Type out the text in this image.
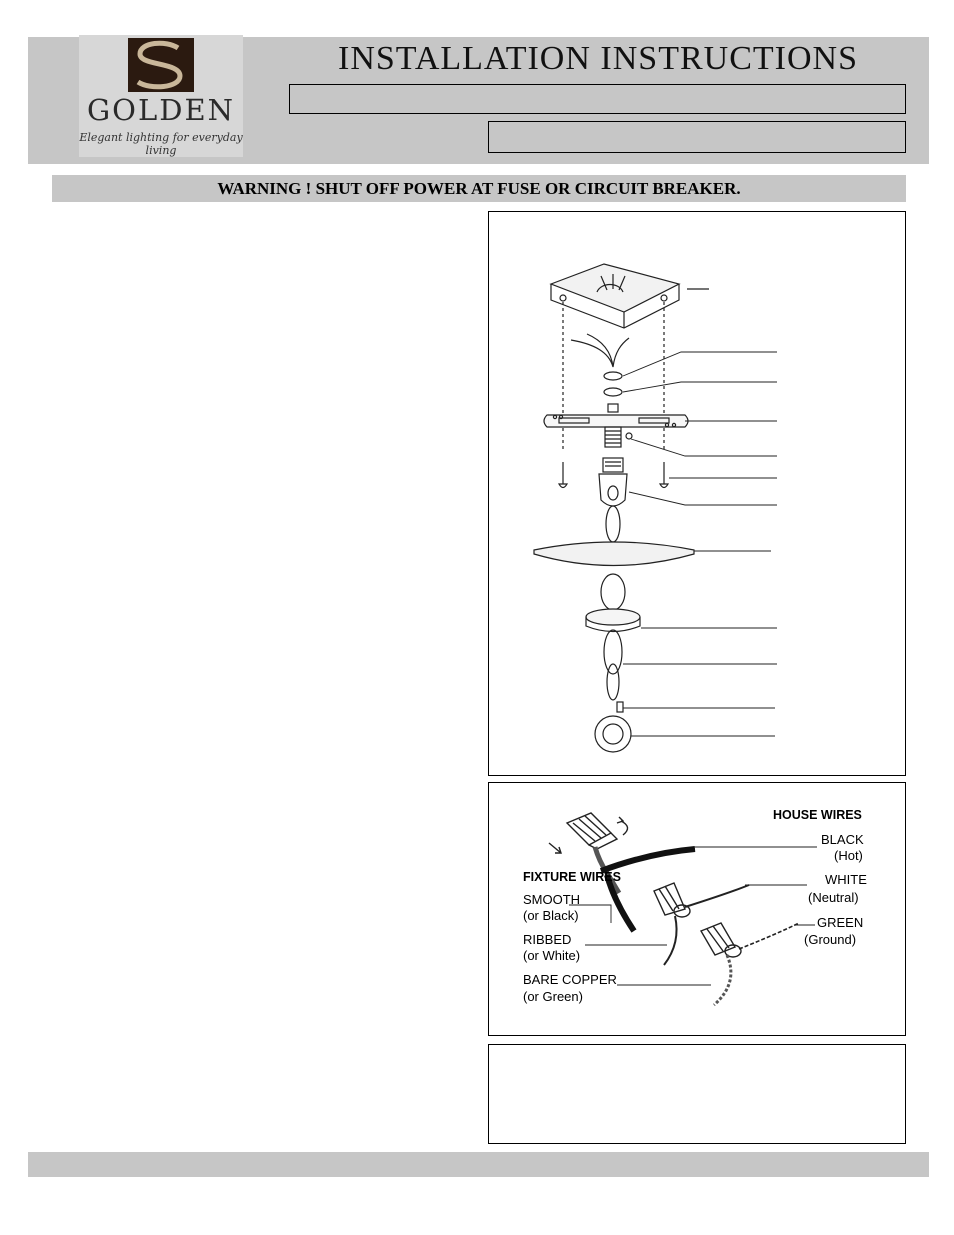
GOLDEN
Elegant lighting for everyday living
INSTALLATION INSTRUCTIONS
WARNING ! SHUT OFF POWER AT FUSE OR CIRCUIT BREAKER.
HOUSE WIRES
BLACK
(Hot)
WHITE
(Neutral)
GREEN
(Ground)
FIXTURE WIRES
SMOOTH
(or Black)
RIBBED
(or White)
BARE COPPER
(or Green)
